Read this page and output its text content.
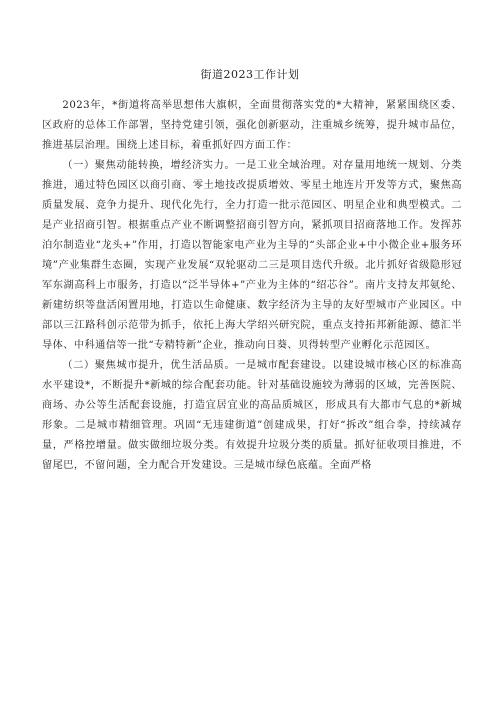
街道2023工作计划

2023年，*街道将高举思想伟大旗帜，全面贯彻落实党的*大精神，紧紧围绕区委、区政府的总体工作部署，坚持党建引领，强化创新驱动，注重城乡统筹，提升城市品位，推进基层治理。围绕上述目标，着重抓好四方面工作：

（一）聚焦动能转换，增经济实力。一是工业全域治理。对存量用地统一规划、分类推进，通过特色园区以商引商、零土地技改提质增效、零星土地连片开发等方式，聚焦高质量发展、竞争力提升、现代化先行，全力打造一批示范园区、明星企业和典型模式。二是产业招商引智。根据重点产业不断调整招商引智方向，紧抓项目招商落地工作。发挥苏泊尔制造业“龙头+”作用，打造以智能家电产业为主导的“头部企业+中小微企业+服务环境”产业集群生态圈，实现产业发展“双轮驱动二三是项目迭代升级。北片抓好省级隐形冠军东湖高科上市服务，打造以“泛半导体+”产业为主体的“绍芯谷”。南片支持友邦氨纶、新建纺织等盘活闲置用地，打造以生命健康、数字经济为主导的友好型城市产业园区。中部以三江路科创示范带为抓手，依托上海大学绍兴研究院，重点支持拓邦新能源、德汇半导体、中科通信等一批“专精特新”企业，推动向日葵、贝得转型产业孵化示范园区。

（二）聚焦城市提升，优生活品质。一是城市配套建设。以建设城市核心区的标准高水平建设*，不断提升*新城的综合配套功能。针对基础设施较为薄弱的区域，完善医院、商场、办公等生活配套设施，打造宜居宜业的高品质城区，形成具有大都市气息的*新城形象。二是城市精细管理。巩固“无违建街道”创建成果，打好“拆改”组合拳，持续减存量，严格控增量。做实做细垃圾分类。有效提升垃圾分类的质量。抓好征收项目推进，不留尾巴，不留问题，全力配合开发建设。三是城市绿色底蕴。全面严格
